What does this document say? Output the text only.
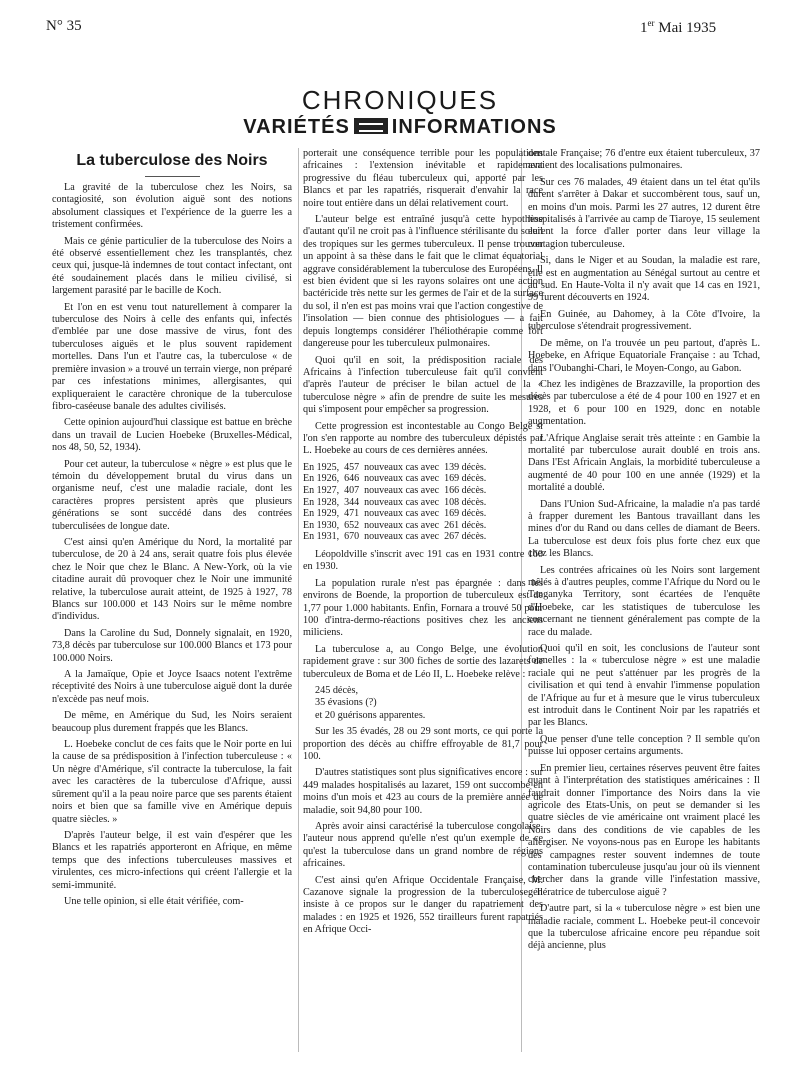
N° 35	1er Mai 1935
CHRONIQUES
VARIÉTÉS INFORMATIONS
La tuberculose des Noirs

La gravité de la tuberculose chez les Noirs, sa contagiosité, son évolution aiguë sont des notions absolument classiques et l'expérience de la guerre les a tristement confirmées.

Mais ce génie particulier de la tuberculose des Noirs a été observé essentiellement chez les transplantés, chez ceux qui, jusque-là indemnes de tout contact infectant, ont été soudainement placés dans le milieu civilisé, si largement parasité par le bacille de Koch.

Et l'on en est venu tout naturellement à comparer la tuberculose des Noirs à celle des enfants qui, infectés d'emblée par une dose massive de virus, font des tuberculoses aiguës et le plus souvent rapidement mortelles. Dans l'un et l'autre cas, la tuberculose « de première invasion » a trouvé un terrain vierge, non préparé par ces infestations minimes, allergisantes, qui expliqueraient le caractère chronique de la tuberculose fibro-caséeuse banale des adultes civilisés.

Cette opinion aujourd'hui classique est battue en brèche dans un travail de Lucien Hoebeke (Bruxelles-Médical, nos 48, 50, 52, 1934).

Pour cet auteur, la tuberculose « nègre » est plus que le témoin du développement brutal du virus dans un organisme neuf, c'est une maladie raciale, dont les caractères propres persistent après que plusieurs générations se sont succédé dans des contrées tuberculisées de longue date.

C'est ainsi qu'en Amérique du Nord, la mortalité par tuberculose, de 20 à 24 ans, serait quatre fois plus élevée chez le Noir que chez le Blanc. A New-York, où la vie citadine aurait dû provoquer chez le Noir une immunité relative, la tuberculose aurait atteint, de 1925 à 1927, 78 Blancs sur 100.000 et 143 Noirs sur le même nombre d'individus.

Dans la Caroline du Sud, Donnely signalait, en 1920, 73,8 décès par tuberculose sur 100.000 Blancs et 173 pour 100.000 Noirs.

A la Jamaïque, Opie et Joyce Isaacs notent l'extrême réceptivité des Noirs à une tuberculose aiguë dont la durée n'excède pas neuf mois.

De même, en Amérique du Sud, les Noirs seraient beaucoup plus durement frappés que les Blancs.

L. Hoebeke conclut de ces faits que le Noir porte en lui la cause de sa prédisposition à l'infection tuberculeuse : « Un nègre d'Amérique, s'il contracte la tuberculose, la fait avec les caractères de la tuberculose d'Afrique, aussi sûrement qu'il a la peau noire parce que ses parents étaient noirs et bien que sa famille vive en Amérique depuis quatre siècles. »

D'après l'auteur belge, il est vain d'espérer que les Blancs et les rapatriés apporteront en Afrique, en même temps que des infections tuberculeuses massives et virulentes, ces micro-infections qui créent l'allergie et la semi-immunité.

Une telle opinion, si elle était vérifiée, com-

porterait une conséquence terrible pour les populations africaines : l'extension inévitable et rapidement progressive du fléau tuberculeux qui, apporté par les Blancs et par les rapatriés, risquerait d'envahir la race noire tout entière dans un délai relativement court.

L'auteur belge est entraîné jusqu'à cette hypothèse d'autant qu'il ne croit pas à l'influence stérilisante du soleil des tropiques sur les germes tuberculeux. Il pense trouver un appoint à sa thèse dans le fait que le climat équatorial aggrave considérablement la tuberculose des Européens. Il est bien évident que si les rayons solaires ont une action bactéricide très nette sur les germes de l'air et de la surface du sol, il n'en est pas moins vrai que l'action congestive de l'insolation — bien connue des phtisiologues — a fait depuis longtemps considérer l'héliothérapie comme fort dangereuse pour les tuberculeux pulmonaires.

Quoi qu'il en soit, la prédisposition raciale des Africains à l'infection tuberculeuse fait qu'il convient d'après l'auteur de préciser le bilan actuel de la « tuberculose nègre » afin de prendre de suite les mesures qui s'imposent pour empêcher sa progression.

Cette progression est incontestable au Congo Belge si l'on s'en rapporte au nombre des tuberculeux dépistés par L. Hoebeke au cours de ces dernières années.

En 1925,	457	nouveaux cas avec	139 décès.
En 1926,	646	nouveaux cas avec	169 décès.
En 1927,	407	nouveaux cas avec	166 décès.
En 1928,	344	nouveaux cas avec	108 décès.
En 1929,	471	nouveaux cas avec	169 décès.
En 1930,	652	nouveaux cas avec	261 décès.
En 1931,	670	nouveaux cas avec	267 décès.

Léopoldville s'inscrit avec 191 cas en 1931 contre 160 en 1930.

La population rurale n'est pas épargnée : dans les environs de Boende, la proportion de tuberculeux est de 1,77 pour 1.000 habitants. Enfin, Fornara a trouvé 50 pour 100 d'intra-dermo-réactions positives chez les anciens miliciens.

La tuberculose a, au Congo Belge, une évolution rapidement grave : sur 300 fiches de sortie des lazarets de tuberculeux de Boma et de Léo II, L. Hoebeke relève :

245 décès,
35 évasions (?)
et 20 guérisons apparentes.

Sur les 35 évadés, 28 ou 29 sont morts, ce qui porte la proportion des décès au chiffre effroyable de 81,7 pour 100.

D'autres statistiques sont plus significatives encore : sur 449 malades hospitalisés au lazaret, 159 ont succombé en moins d'un mois et 423 au cours de la première année de maladie, soit 94,80 pour 100.

Après avoir ainsi caractérisé la tuberculose congolaise, l'auteur nous apprend qu'elle n'est qu'un exemple de ce qu'est la tuberculose dans un grand nombre de régions africaines.

C'est ainsi qu'en Afrique Occidentale Française, M. Cazanove signale la progression de la tuberculose. Il insiste à ce propos sur le danger du rapatriement des malades : en 1925 et 1926, 552 tirailleurs furent rapatriés en Afrique Occi-

dentale Française; 76 d'entre eux étaient tuberculeux, 37 avaient des localisations pulmonaires.

Sur ces 76 malades, 49 étaient dans un tel état qu'ils durent s'arrêter à Dakar et succombèrent tous, sauf un, en moins d'un mois. Parmi les 27 autres, 12 durent être hospitalisés à l'arrivée au camp de Tiaroye, 15 seulement eurent la force d'aller porter dans leur village la contagion tuberculeuse.

Si, dans le Niger et au Soudan, la maladie est rare, elle est en augmentation au Sénégal surtout au centre et au sud. En Haute-Volta il n'y avait que 14 cas en 1921, 99 furent découverts en 1924.

En Guinée, au Dahomey, à la Côte d'Ivoire, la tuberculose s'étendrait progressivement.

De même, on l'a trouvée un peu partout, d'après L. Hoebeke, en Afrique Equatoriale Française : au Tchad, dans l'Oubanghi-Chari, le Moyen-Congo, au Gabon.

Chez les indigènes de Brazzaville, la proportion des décès par tuberculose a été de 4 pour 100 en 1927 et en 1928, et 6 pour 100 en 1929, donc en notable augmentation.

L'Afrique Anglaise serait très atteinte : en Gambie la mortalité par tuberculose aurait doublé en trois ans. Dans l'Est Africain Anglais, la morbidité tuberculeuse a augmenté de 40 pour 100 en une année (1929) et la mortalité a doublé.

Dans l'Union Sud-Africaine, la maladie n'a pas tardé à frapper durement les Bantous travaillant dans les mines d'or du Rand ou dans celles de diamant de Beers. La tuberculose est deux fois plus forte chez eux que chez les Blancs.

Les contrées africaines où les Noirs sont largement mêlés à d'autres peuples, comme l'Afrique du Nord ou le Tanganyka Territory, sont écartées de l'enquête d'Hoebeke, car les statistiques de tuberculose les concernant ne tiennent généralement pas compte de la race du malade.

Quoi qu'il en soit, les conclusions de l'auteur sont formelles : la « tuberculose nègre » est une maladie raciale qui ne peut s'atténuer par les progrès de la civilisation et qui tend à envahir l'immense population de l'Afrique au fur et à mesure que le virus tuberculeux est introduit dans le Continent Noir par les rapatriés et par les Blancs.

Que penser d'une telle conception ? Il semble qu'on puisse lui opposer certains arguments.

En premier lieu, certaines réserves peuvent être faites quant à l'interprétation des statistiques américaines : Il faudrait donner l'importance des Noirs dans la vie agricole des Etats-Unis, on peut se demander si les quatre siècles de vie américaine ont vraiment placé les Noirs dans des conditions de vie capables de les allergiser. Ne voyons-nous pas en Europe les habitants des campagnes rester souvent indemnes de toute contamination tuberculeuse jusqu'au jour où ils viennent chercher dans la grande ville l'infestation massive, génératrice de tuberculose aiguë ?

D'autre part, si la « tuberculose nègre » est bien une maladie raciale, comment L. Hoebeke peut-il concevoir que la tuberculose africaine encore peu répandue soit déjà ancienne, plus
